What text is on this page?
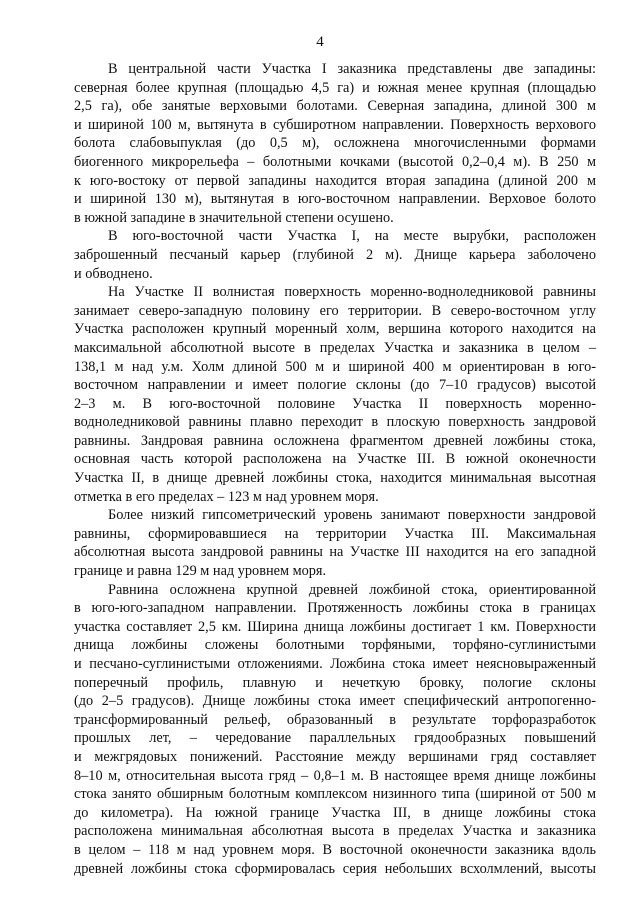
4
В центральной части Участка I заказника представлены две западины:
северная более крупная (площадью 4,5 га) и южная менее крупная (площадью
2,5 га), обе занятые верховыми болотами. Северная западина, длиной 300 м
и шириной 100 м, вытянута в субширотном направлении. Поверхность верхового
болота слабовыпуклая (до 0,5 м), осложнена многочисленными формами
биогенного микрорельефа – болотными кочками (высотой 0,2–0,4 м). В 250 м
к юго-востоку от первой западины находится вторая западина (длиной 200 м
и шириной 130 м), вытянутая в юго-восточном направлении. Верховое болото
в южной западине в значительной степени осушено.
В юго-восточной части Участка I, на месте вырубки, расположен
заброшенный песчаный карьер (глубиной 2 м). Днище карьера заболочено
и обводнено.
На Участке II волнистая поверхность моренно-водноледниковой равнины
занимает северо-западную половину его территории. В северо-восточном углу
Участка расположен крупный моренный холм, вершина которого находится на
максимальной абсолютной высоте в пределах Участка и заказника в целом –
138,1 м над у.м. Холм длиной 500 м и шириной 400 м ориентирован в юго-
восточном направлении и имеет пологие склоны (до 7–10 градусов) высотой
2–3 м. В юго-восточной половине Участка II поверхность моренно-
водноледниковой равнины плавно переходит в плоскую поверхность зандровой
равнины. Зандровая равнина осложнена фрагментом древней ложбины стока,
основная часть которой расположена на Участке III. В южной оконечности
Участка II, в днище древней ложбины стока, находится минимальная высотная
отметка в его пределах – 123 м над уровнем моря.
Более низкий гипсометрический уровень занимают поверхности зандровой
равнины, сформировавшиеся на территории Участка III. Максимальная
абсолютная высота зандровой равнины на Участке III находится на его западной
границе и равна 129 м над уровнем моря.
Равнина осложнена крупной древней ложбиной стока, ориентированной
в юго-юго-западном направлении. Протяженность ложбины стока в границах
участка составляет 2,5 км. Ширина днища ложбины достигает 1 км. Поверхности
днища ложбины сложены болотными торфяными, торфяно-суглинистыми
и песчано-суглинистыми отложениями. Ложбина стока имеет неясновыраженный
поперечный профиль, плавную и нечеткую бровку, пологие склоны
(до 2–5 градусов). Днище ложбины стока имеет специфический антропогенно-
трансформированный рельеф, образованный в результате торфоразработок
прошлых лет, – чередование параллельных грядообразных повышений
и межгрядовых понижений. Расстояние между вершинами гряд составляет
8–10 м, относительная высота гряд – 0,8–1 м. В настоящее время днище ложбины
стока занято обширным болотным комплексом низинного типа (шириной от 500 м
до километра). На южной границе Участка III, в днище ложбины стока
расположена минимальная абсолютная высота в пределах Участка и заказника
в целом – 118 м над уровнем моря. В восточной оконечности заказника вдоль
древней ложбины стока сформировалась серия небольших всхолмлений, высоты
